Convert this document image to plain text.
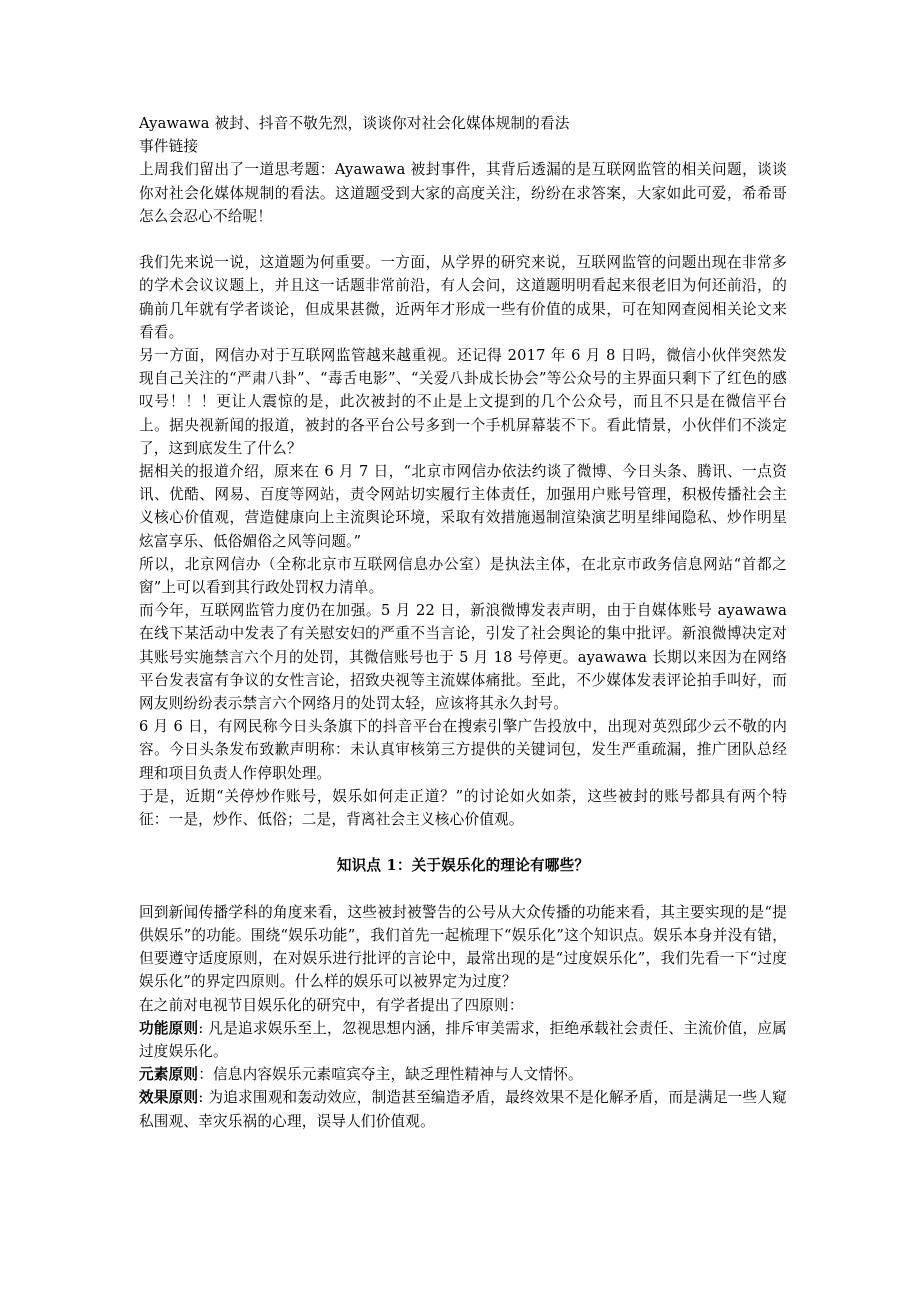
Ayawawa 被封、抖音不敬先烈，谈谈你对社会化媒体规制的看法

事件链接

上周我们留出了一道思考题：Ayawawa 被封事件，其背后透漏的是互联网监管的相关问题，谈谈你对社会化媒体规制的看法。这道题受到大家的高度关注，纷纷在求答案，大家如此可爱，希希哥怎么会忍心不给呢！

我们先来说一说，这道题为何重要。一方面，从学界的研究来说，互联网监管的问题出现在非常多的学术会议议题上，并且这一话题非常前沿，有人会问，这道题明明看起来很老旧为何还前沿，的确前几年就有学者谈论，但成果甚微，近两年才形成一些有价值的成果，可在知网查阅相关论文来看看。

另一方面，网信办对于互联网监管越来越重视。还记得 2017 年 6 月 8 日吗，微信小伙伴突然发现自己关注的“严肃八卦”、“毒舌电影”、“关爱八卦成长协会”等公众号的主界面只剩下了红色的感叹号！！！更让人震惊的是，此次被封的不止是上文提到的几个公众号，而且不只是在微信平台上。据央视新闻的报道，被封的各平台公号多到一个手机屏幕装不下。看此情景，小伙伴们不淡定了，这到底发生了什么？

据相关的报道介绍，原来在 6 月 7 日，“北京市网信办依法约谈了微博、今日头条、腾讯、一点资讯、优酷、网易、百度等网站，责令网站切实履行主体责任，加强用户账号管理，积极传播社会主义核心价值观，营造健康向上主流舆论环境，采取有效措施遏制渲染演艺明星绯闻隐私、炒作明星炫富享乐、低俗媚俗之风等问题。”

所以，北京网信办（全称北京市互联网信息办公室）是执法主体，在北京市政务信息网站“首都之窗”上可以看到其行政处罚权力清单。

而今年，互联网监管力度仍在加强。5 月 22 日，新浪微博发表声明，由于自媒体账号 ayawawa 在线下某活动中发表了有关慰安妇的严重不当言论，引发了社会舆论的集中批评。新浪微博决定对其账号实施禁言六个月的处罚，其微信账号也于 5 月 18 号停更。ayawawa 长期以来因为在网络平台发表富有争议的女性言论，招致央视等主流媒体痛批。至此，不少媒体发表评论拍手叫好，而网友则纷纷表示禁言六个网络月的处罚太轻，应该将其永久封号。

6 月 6 日，有网民称今日头条旗下的抖音平台在搜索引擎广告投放中，出现对英烈邱少云不敬的内容。今日头条发布致歉声明称：未认真审核第三方提供的关键词包，发生严重疏漏，推广团队总经理和项目负责人作停职处理。

于是，近期“关停炒作账号，娱乐如何走正道？”的讨论如火如荼，这些被封的账号都具有两个特征：一是，炒作、低俗；二是，背离社会主义核心价值观。

知识点 1：关于娱乐化的理论有哪些？

回到新闻传播学科的角度来看，这些被封被警告的公号从大众传播的功能来看，其主要实现的是“提供娱乐”的功能。围绕“娱乐功能”，我们首先一起梳理下“娱乐化”这个知识点。娱乐本身并没有错，但要遵守适度原则，在对娱乐进行批评的言论中，最常出现的是“过度娱乐化”，我们先看一下“过度娱乐化”的界定四原则。什么样的娱乐可以被界定为过度？

在之前对电视节目娱乐化的研究中，有学者提出了四原则：

功能原则: 凡是追求娱乐至上，忽视思想内涵，排斥审美需求，拒绝承载社会责任、主流价值，应属过度娱乐化。

元素原则：信息内容娱乐元素喧宾夺主，缺乏理性精神与人文情怀。

效果原则: 为追求围观和轰动效应，制造甚至编造矛盾，最终效果不是化解矛盾，而是满足一些人窥私围观、幸灾乐祸的心理，误导人们价值观。
